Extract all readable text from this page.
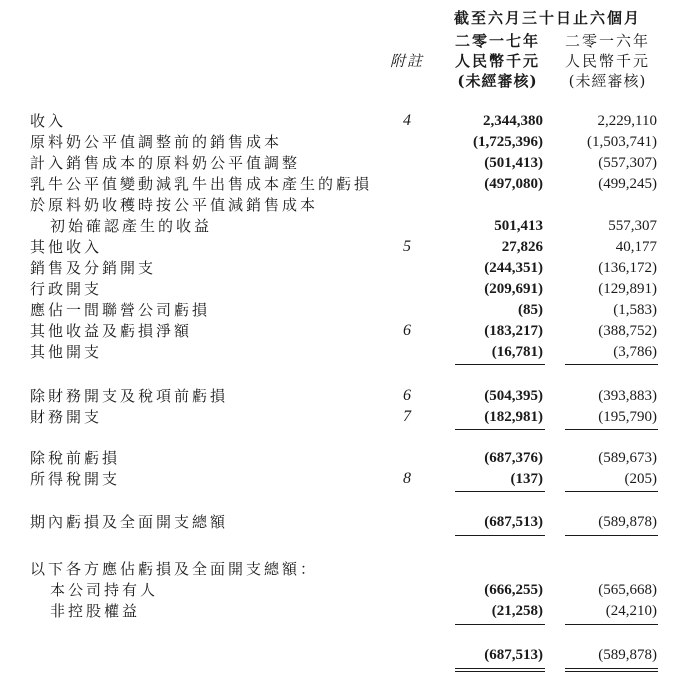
截至六月三十日止六個月
二零一七年	二零一六年
附註	人民幣千元	人民幣千元
(未經審核)	(未經審核)
收入	4	2,344,380	2,229,110
原料奶公平值調整前的銷售成本	(1,725,396)	(1,503,741)
計入銷售成本的原料奶公平值調整	(501,413)	(557,307)
乳牛公平值變動減乳牛出售成本產生的虧損	(497,080)	(499,245)
於原料奶收穫時按公平值減銷售成本
初始確認產生的收益	501,413	557,307
其他收入	5	27,826	40,177
銷售及分銷開支	(244,351)	(136,172)
行政開支	(209,691)	(129,891)
應佔一間聯營公司虧損	(85)	(1,583)
其他收益及虧損淨額	6	(183,217)	(388,752)
其他開支	(16,781)	(3,786)
除財務開支及稅項前虧損	6	(504,395)	(393,883)
財務開支	7	(182,981)	(195,790)
除稅前虧損	(687,376)	(589,673)
所得稅開支	8	(137)	(205)
期內虧損及全面開支總額	(687,513)	(589,878)
以下各方應佔虧損及全面開支總額：
本公司持有人	(666,255)	(565,668)
非控股權益	(21,258)	(24,210)
(687,513)	(589,878)
